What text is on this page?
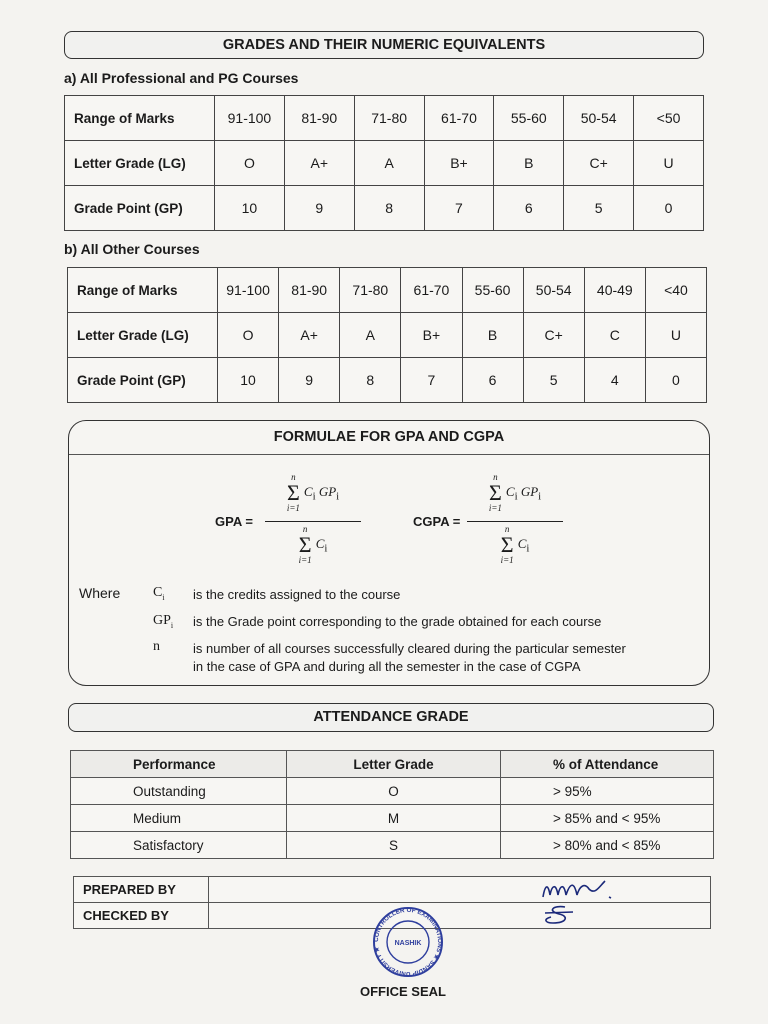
GRADES AND THEIR NUMERIC EQUIVALENTS
a) All Professional and PG Courses
Range of Marks	91-100	81-90	71-80	61-70	55-60	50-54	<50
Letter Grade (LG)	O	A+	A	B+	B	C+	U
Grade Point (GP)	10	9	8	7	6	5	0
b) All Other Courses
Range of Marks	91-100	81-90	71-80	61-70	55-60	50-54	40-49	<40
Letter Grade (LG)	O	A+	A	B+	B	C+	C	U
Grade Point (GP)	10	9	8	7	6	5	4	0
FORMULAE FOR GPA AND CGPA
GPA =
n
Σ
i=1
$C_i$ $GP_i$
n
Σ
i=1
$C_i$
CGPA =
n
Σ
i=1
$C_i$ $GP_i$
n
Σ
i=1
$C_i$
Where $C_i$ is the credits assigned to the course
$GP_i$ is the Grade point corresponding to the grade obtained for each course
n	is number of all courses successfully cleared during the particular semester
in the case of GPA and during all the semester in the case of CGPA
ATTENDANCE GRADE
Performance	Letter Grade	% of Attendance
Outstanding	O	> 95%
Medium	M	> 85% and < 95%
Satisfactory	S	> 80% and < 85%
PREPARED BY	

CHECKED BY	
CONTROLLER OF EXAMINATIONS ★ SANDIP UNIVERSITY ★
NASHIK
OFFICE SEAL
